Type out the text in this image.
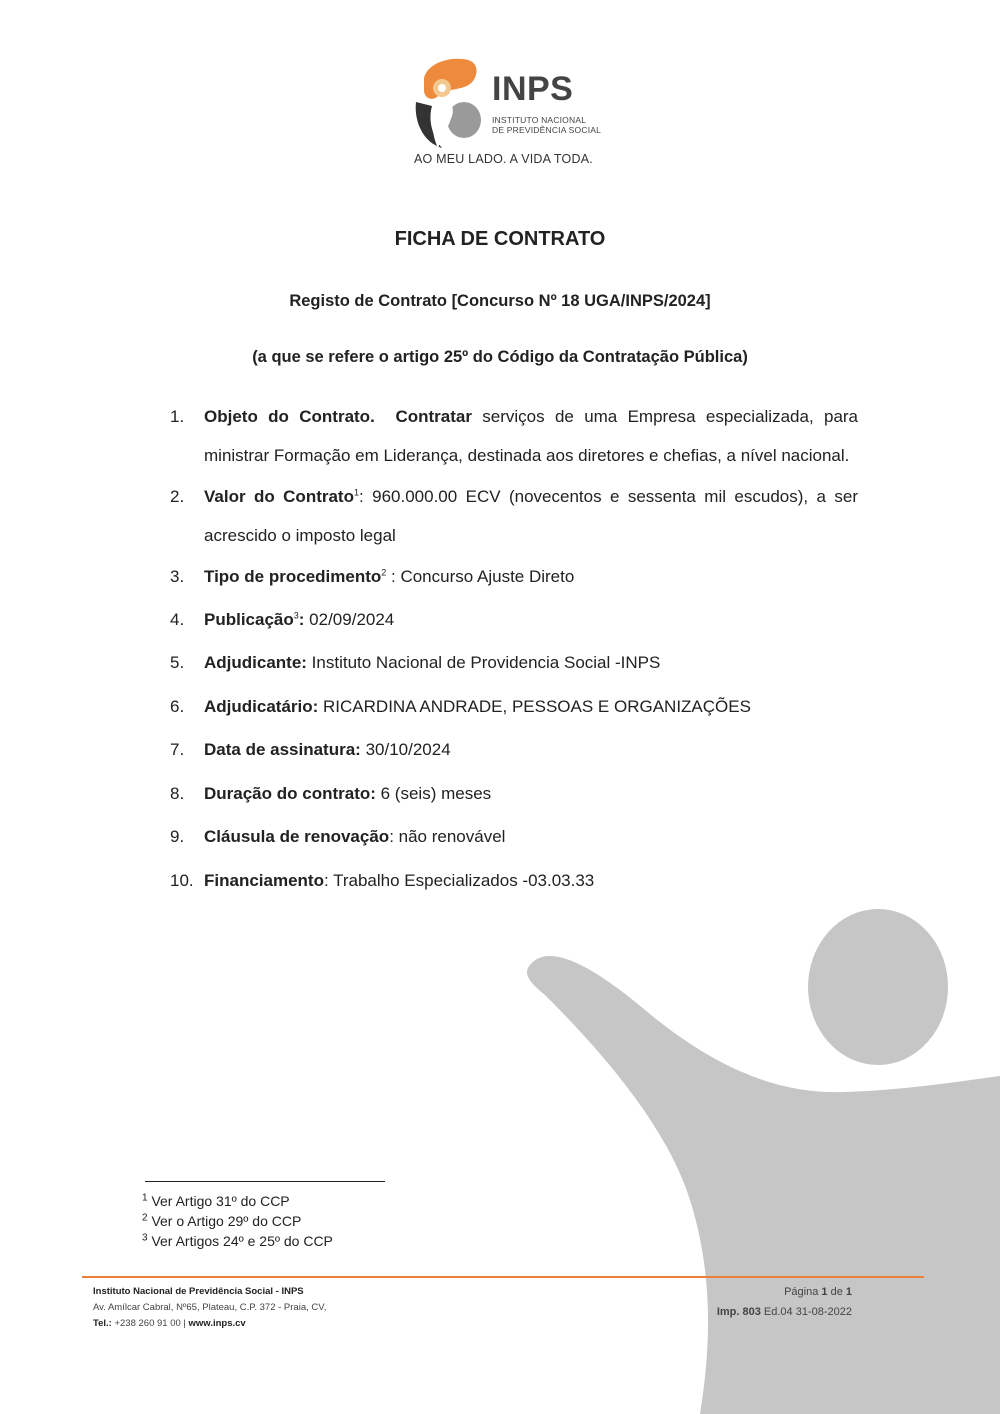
INPS
INSTITUTO NACIONAL
DE PREVIDÊNCIA SOCIAL
AO MEU LADO. A VIDA TODA.
FICHA DE CONTRATO
Registo de Contrato [Concurso Nº 18 UGA/INPS/2024]
(a que se refere o artigo 25º do Código da Contratação Pública)
1.	Objeto do Contrato. Contratar serviços de uma Empresa especializada, para ministrar Formação em Liderança, destinada aos diretores e chefias, a nível nacional.
2.	Valor do Contrato$^1$: 960.000.00 ECV (novecentos e sessenta mil escudos), a ser acrescido o imposto legal
3.	Tipo de procedimento$^2$ : Concurso Ajuste Direto
4.	Publicação$^3$: 02/09/2024
5.	Adjudicante: Instituto Nacional de Providencia Social -INPS
6.	Adjudicatário: RICARDINA ANDRADE, PESSOAS E ORGANIZAÇÕES
7.	Data de assinatura: 30/10/2024
8.	Duração do contrato: 6 (seis) meses
9.	Cláusula de renovação: não renovável
10. Financiamento: Trabalho Especializados -03.03.33
$^1$ Ver Artigo 31º do CCP
$^2$ Ver o Artigo 29º do CCP
$^3$ Ver Artigos 24º e 25º do CCP
Instituto Nacional de Previdência Social - INPS
Av. Amílcar Cabral, Nº65, Plateau, C.P. 372 - Praia, CV,
Tel.: +238 260 91 00 | www.inps.cv
Página 1 de 1
Imp. 803 Ed.04 31-08-2022
